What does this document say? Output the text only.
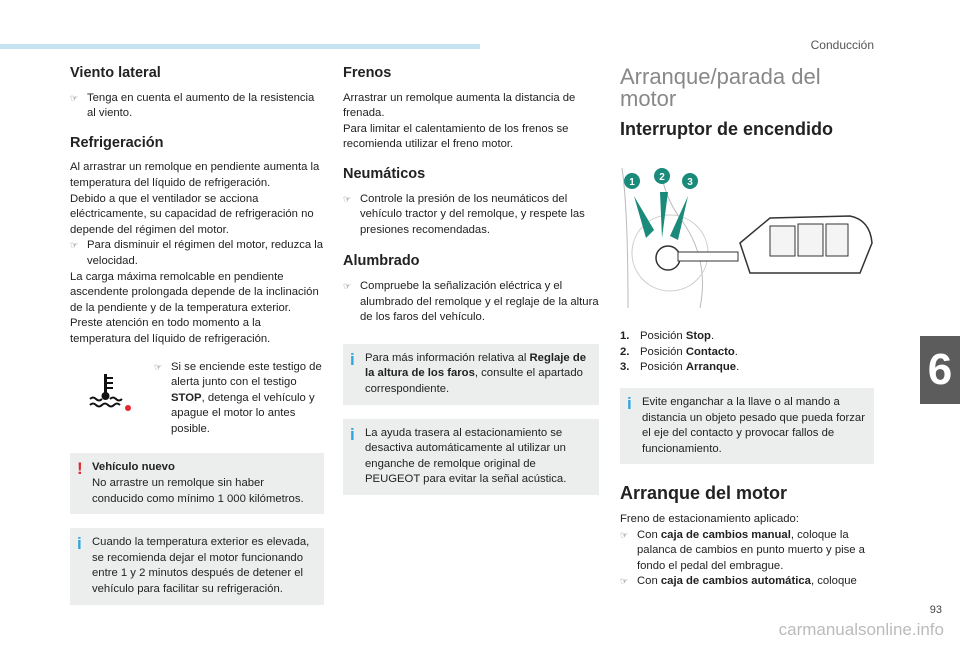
Conducción
Viento lateral

☞ Tenga en cuenta el aumento de la resistencia al viento.

Refrigeración
Al arrastrar un remolque en pendiente aumenta la temperatura del líquido de refrigeración.
Debido a que el ventilador se acciona eléctricamente, su capacidad de refrigeración no depende del régimen del motor.
☞ Para disminuir el régimen del motor, reduzca la velocidad.
La carga máxima remolcable en pendiente ascendente prolongada depende de la inclinación de la pendiente y de la temperatura exterior.
Preste atención en todo momento a la temperatura del líquido de refrigeración.
☞ Si se enciende este testigo de alerta junto con el testigo STOP, detenga el vehículo y apague el motor lo antes posible.
! Vehículo nuevo
No arrastre un remolque sin haber conducido como mínimo 1 000 kilómetros.
i Cuando la temperatura exterior es elevada, se recomienda dejar el motor funcionando entre 1 y 2 minutos después de detener el vehículo para facilitar su refrigeración.
Frenos
Arrastrar un remolque aumenta la distancia de frenada.

Para limitar el calentamiento de los frenos se recomienda utilizar el freno motor.

Neumáticos

☞ Controle la presión de los neumáticos del vehículo tractor y del remolque, y respete las presiones recomendadas.

Alumbrado

☞ Compruebe la señalización eléctrica y el alumbrado del remolque y el reglaje de la altura de los faros del vehículo.

i Para más información relativa al Reglaje de la altura de los faros, consulte el apartado correspondiente.
i La ayuda trasera al estacionamiento se desactiva automáticamente al utilizar un enganche de remolque original de PEUGEOT para evitar la señal acústica.
Arranque/parada del motor
Interruptor de encendido
1 2 3
1. Posición
Stop .
2. Posición
Contacto .
3. Posición
Arranque .
i Evite enganchar a la llave o al mando a distancia un objeto pesado que pueda forzar el eje del contacto y provocar fallos de funcionamiento.
Arranque del motor
Freno de estacionamiento aplicado:
☞ Con caja de cambios manual, coloque la palanca de cambios en punto muerto y pise a fondo el pedal del embrague.
☞ Con caja de cambios automática, coloque
6
93
carmanualsonline.info
